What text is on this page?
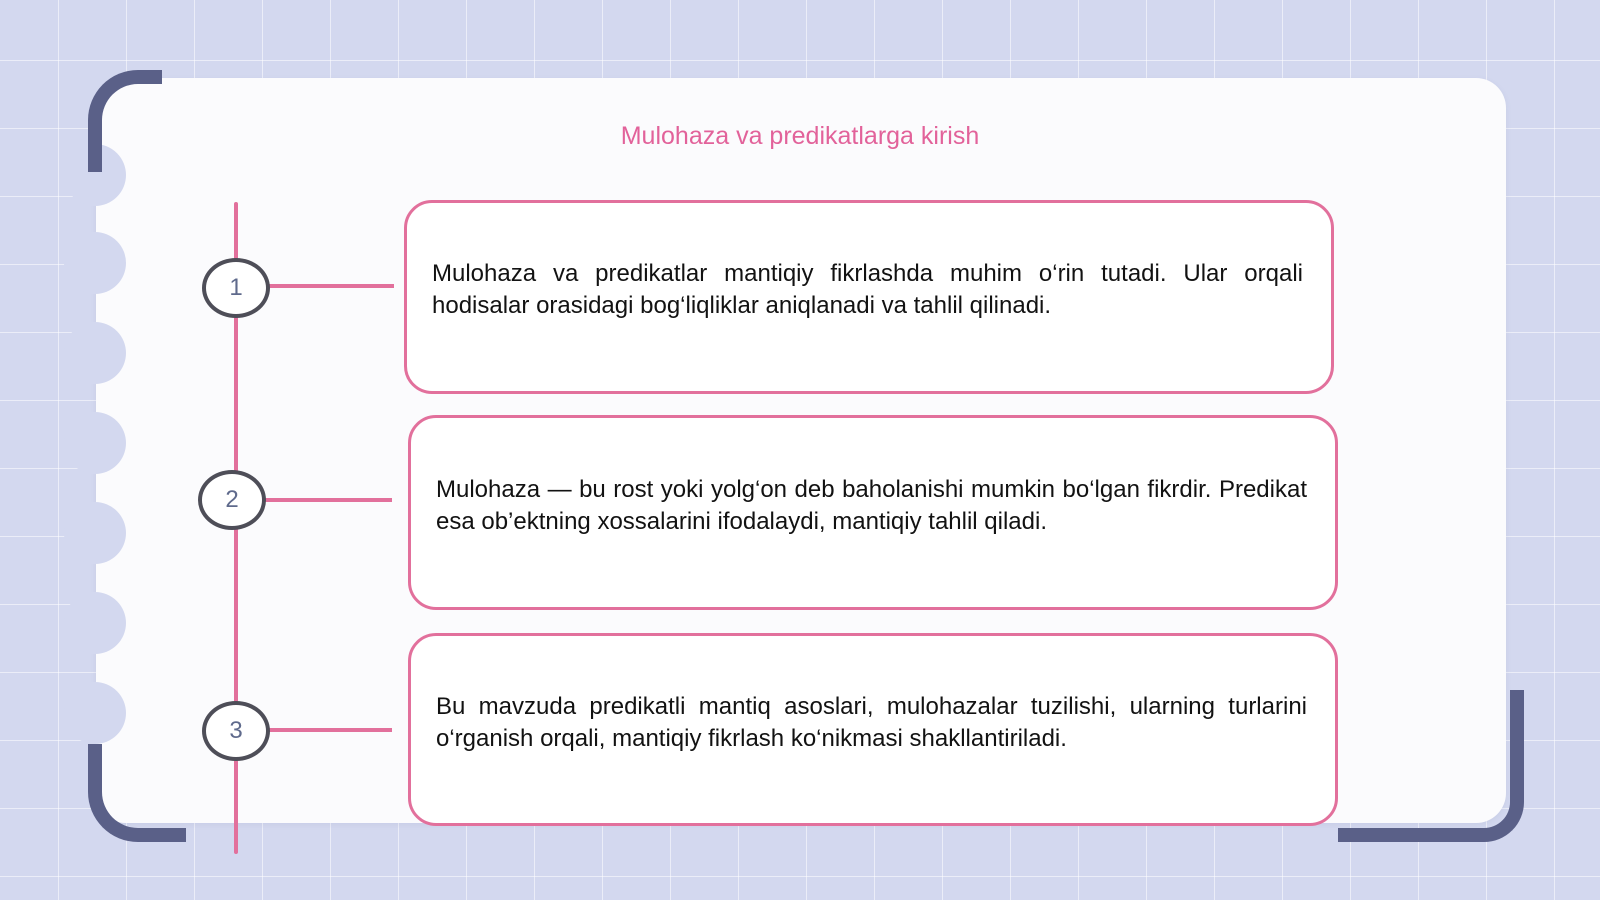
Mulohaza va predikatlarga kirish
1
Mulohaza va predikatlar mantiqiy fikrlashda muhim o‘rin tutadi. Ular orqali hodisalar orasidagi bog‘liqliklar aniqlanadi va tahlil qilinadi.
2	Mulohaza — bu rost yoki yolg‘on deb baholanishi mumkin bo‘lgan fikrdir. Predikat esa ob’ektning xossalarini ifodalaydi, mantiqiy tahlil qiladi.
3
Bu mavzuda predikatli mantiq asoslari, mulohazalar tuzilishi, ularning turlarini o‘rganish orqali, mantiqiy fikrlash ko‘nikmasi shakllantiriladi.
